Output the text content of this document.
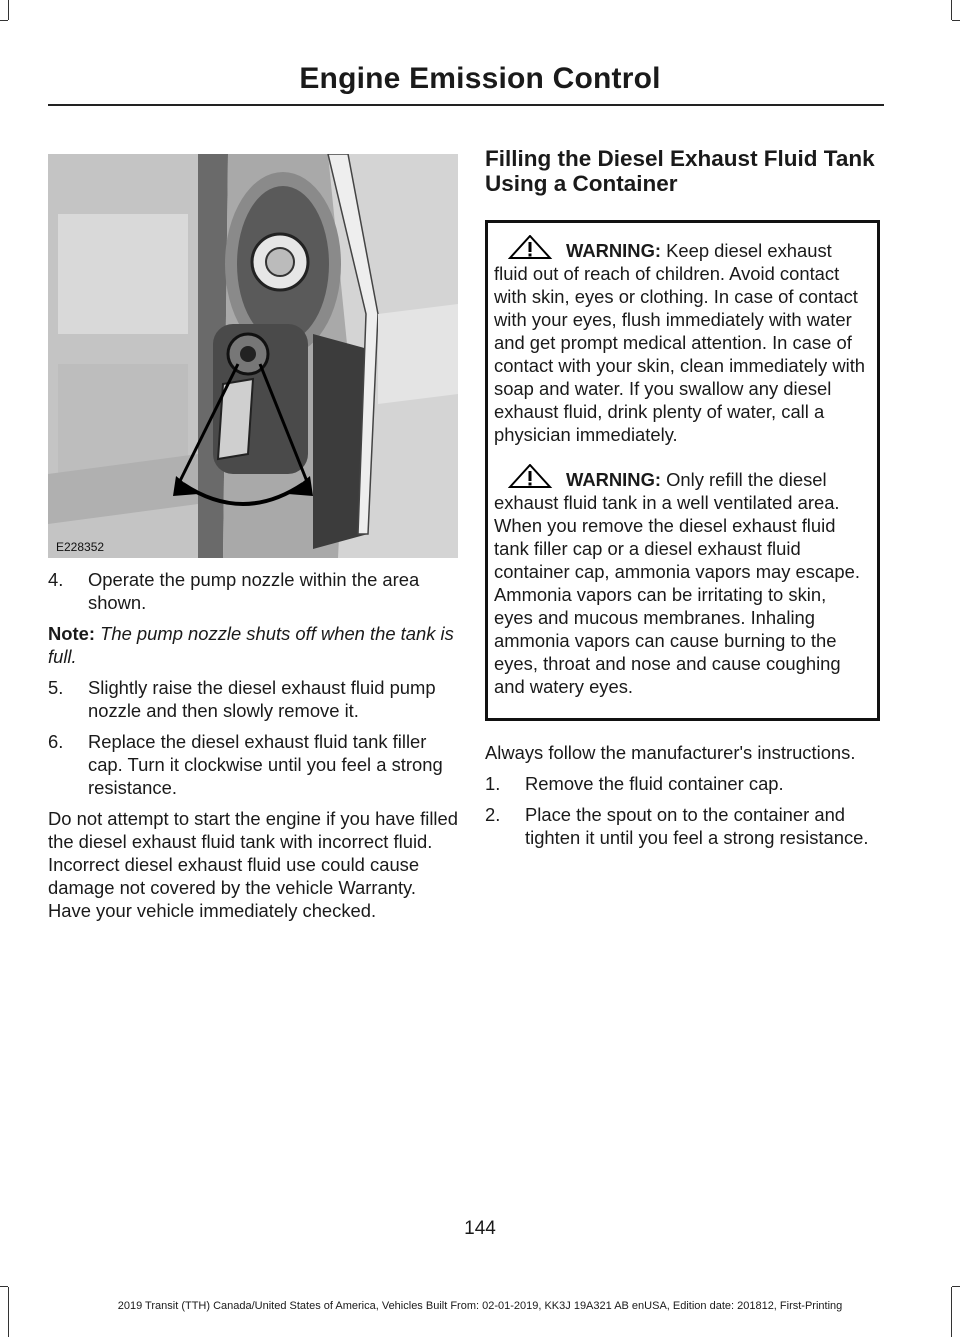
Engine Emission Control
E228352
4.	Operate the pump nozzle within the area shown.

Note: The pump nozzle shuts off when the tank is full.

5.	Slightly raise the diesel exhaust fluid pump nozzle and then slowly remove it.
6.	Replace the diesel exhaust fluid tank filler cap. Turn it clockwise until you feel a strong resistance.

Do not attempt to start the engine if you have filled the diesel exhaust fluid tank with incorrect fluid. Incorrect diesel exhaust fluid use could cause damage not covered by the vehicle Warranty. Have your vehicle immediately checked.

Filling the Diesel Exhaust Fluid Tank Using a Container
WARNING: Keep diesel exhaust fluid out of reach of children. Avoid contact with skin, eyes or clothing. In case of contact with your eyes, flush immediately with water and get prompt medical attention. In case of contact with your skin, clean immediately with soap and water. If you swallow any diesel exhaust fluid, drink plenty of water, call a physician immediately.
WARNING: Only refill the diesel exhaust fluid tank in a well ventilated area. When you remove the diesel exhaust fluid tank filler cap or a diesel exhaust fluid container cap, ammonia vapors may escape. Ammonia vapors can be irritating to skin, eyes and mucous membranes. Inhaling ammonia vapors can cause burning to the eyes, throat and nose and cause coughing and watery eyes.

Always follow the manufacturer's instructions.

1.	Remove the fluid container cap.
2.	Place the spout on to the container and tighten it until you feel a strong resistance.
144
2019 Transit (TTH) Canada/United States of America, Vehicles Built From: 02-01-2019, KK3J 19A321 AB enUSA, Edition date: 201812, First-Printing
